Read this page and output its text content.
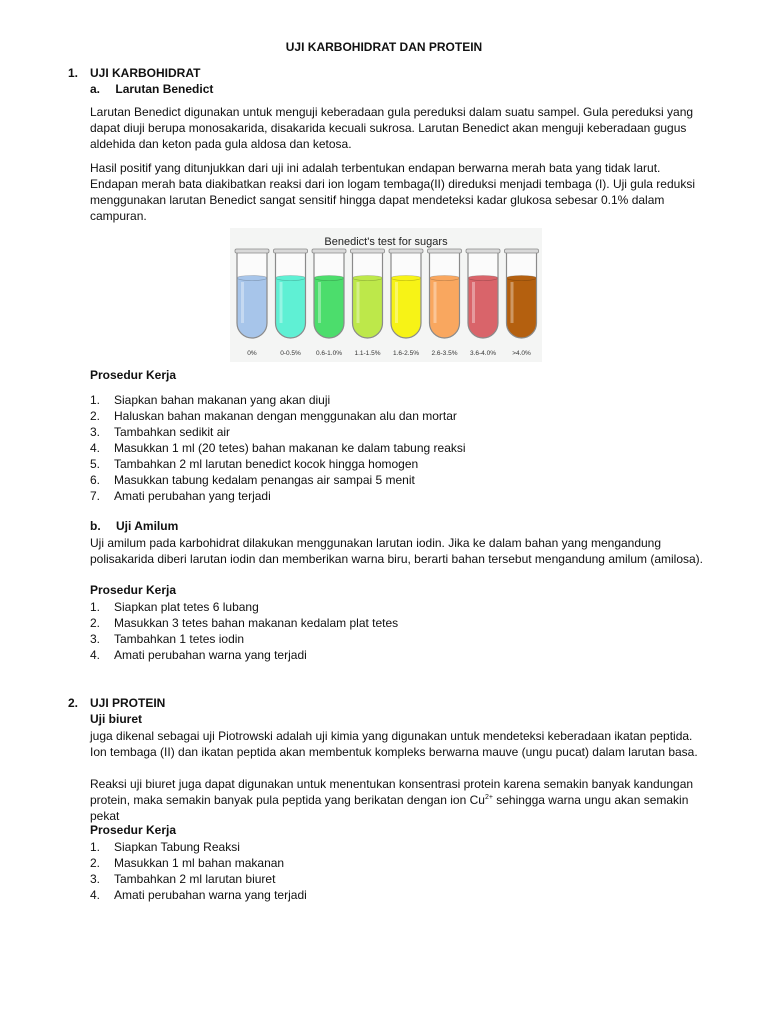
UJI KARBOHIDRAT DAN PROTEIN
1. UJI KARBOHIDRAT
a. Larutan Benedict

Larutan Benedict digunakan untuk menguji keberadaan gula pereduksi dalam suatu sampel. Gula pereduksi yang dapat diuji berupa monosakarida, disakarida kecuali sukrosa. Larutan Benedict akan menguji keberadaan gugus aldehida dan keton pada gula aldosa dan ketosa.

Hasil positif yang ditunjukkan dari uji ini adalah terbentukan endapan berwarna merah bata yang tidak larut. Endapan merah bata diakibatkan reaksi dari ion logam tembaga(II) direduksi menjadi tembaga (I). Uji gula reduksi menggunakan larutan Benedict sangat sensitif hingga dapat mendeteksi kadar glukosa sebesar 0.1% dalam campuran.

Benedict's test for sugars
0%	0-0.5% 0.6-1.0% 1.1-1.5% 1.6-2.5% 2.6-3.5% 3.6-4.0% >4.0%
Prosedur Kerja
1. Siapkan bahan makanan yang akan diuji
2. Haluskan bahan makanan dengan menggunakan alu dan mortar
3. Tambahkan sedikit air
4. Masukkan 1 ml (20 tetes) bahan makanan ke dalam tabung reaksi
5. Tambahkan 2 ml larutan benedict kocok hingga homogen
6. Masukkan tabung kedalam penangas air sampai 5 menit
7. Amati perubahan yang terjadi
b. Uji Amilum

Uji amilum pada karbohidrat dilakukan menggunakan larutan iodin. Jika ke dalam bahan yang mengandung polisakarida diberi larutan iodin dan memberikan warna biru, berarti bahan tersebut mengandung amilum (amilosa).

Prosedur Kerja
1. Siapkan plat tetes 6 lubang
2. Masukkan 3 tetes bahan makanan kedalam plat tetes
3. Tambahkan 1 tetes iodin
4. Amati perubahan warna yang terjadi
2. UJI PROTEIN
Uji biuret

juga dikenal sebagai uji Piotrowski adalah uji kimia yang digunakan untuk mendeteksi keberadaan ikatan peptida. Ion tembaga (II) dan ikatan peptida akan membentuk kompleks berwarna mauve (ungu pucat) dalam larutan basa.

Reaksi uji biuret juga dapat digunakan untuk menentukan konsentrasi protein karena semakin banyak kandungan protein, maka semakin banyak pula peptida yang berikatan dengan ion $Cu^{2+}$ sehingga warna ungu akan semakin pekat

Prosedur Kerja
1. Siapkan Tabung Reaksi
2. Masukkan 1 ml bahan makanan
3. Tambahkan 2 ml larutan biuret
4. Amati perubahan warna yang terjadi
